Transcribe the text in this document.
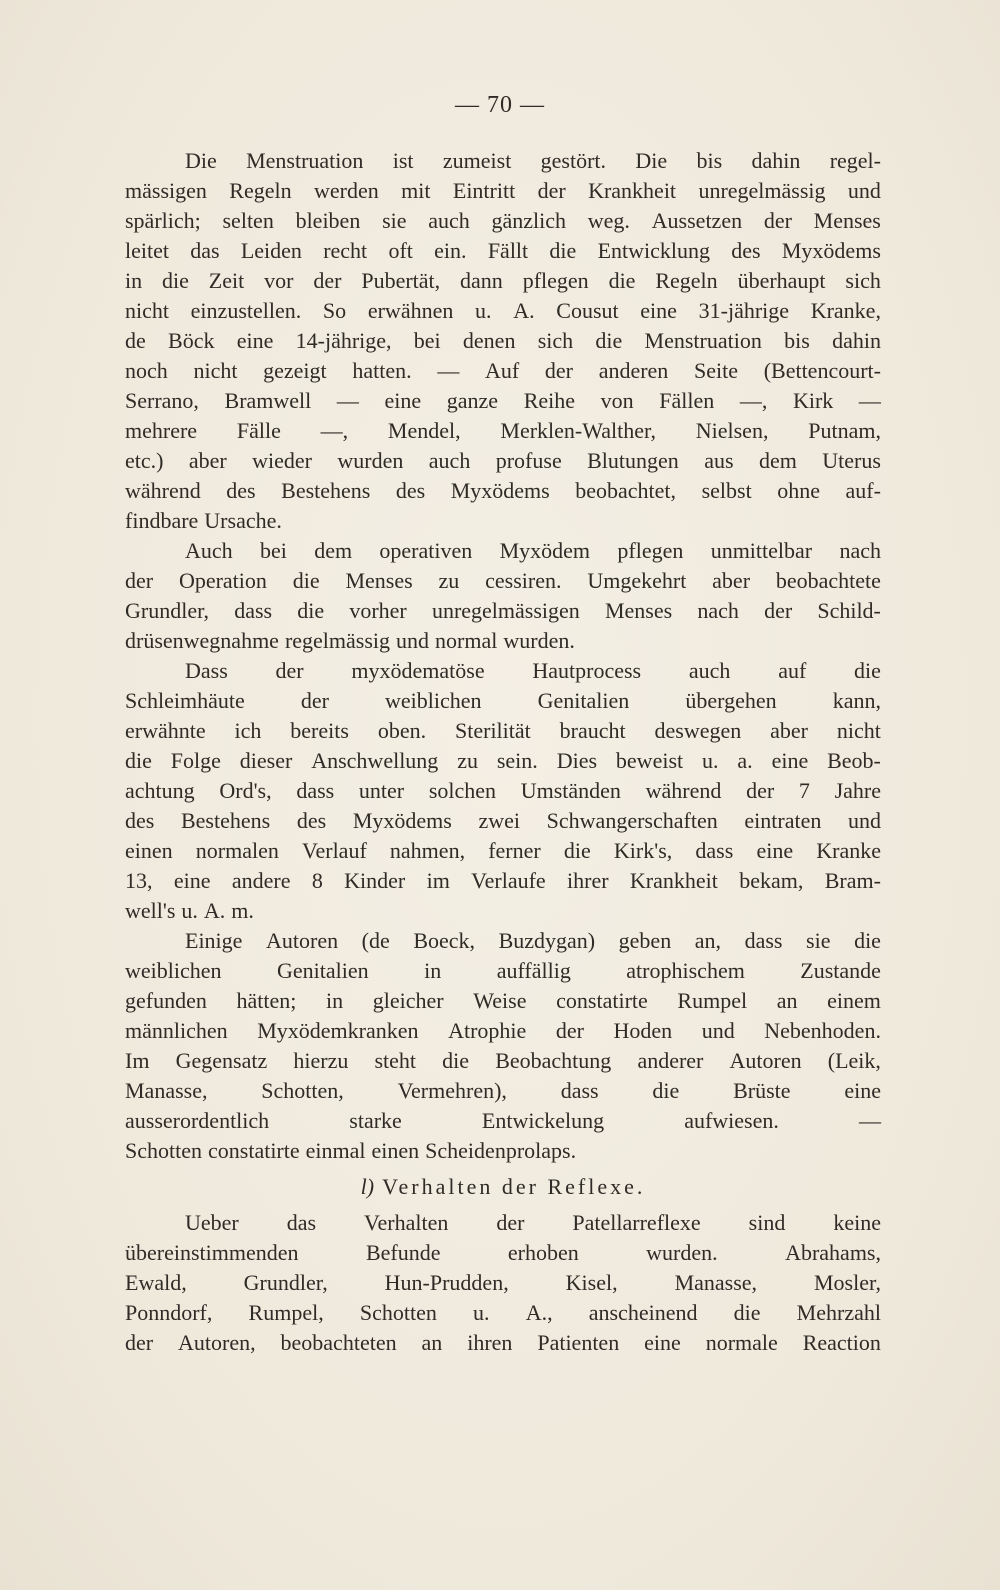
— 70 —
Die Menstruation ist zumeist gestört. Die bis dahin regel-
mässigen Regeln werden mit Eintritt der Krankheit unregelmässig und
spärlich; selten bleiben sie auch gänzlich weg. Aussetzen der Menses
leitet das Leiden recht oft ein. Fällt die Entwicklung des Myxödems
in die Zeit vor der Pubertät, dann pflegen die Regeln überhaupt sich
nicht einzustellen. So erwähnen u. A. Cousut eine 31-jährige Kranke,
de Böck eine 14-jährige, bei denen sich die Menstruation bis dahin
noch nicht gezeigt hatten. — Auf der anderen Seite (Bettencourt-
Serrano, Bramwell — eine ganze Reihe von Fällen —, Kirk —
mehrere Fälle —, Mendel, Merklen-Walther, Nielsen, Putnam,
etc.) aber wieder wurden auch profuse Blutungen aus dem Uterus
während des Bestehens des Myxödems beobachtet, selbst ohne auf-
findbare Ursache.
Auch bei dem operativen Myxödem pflegen unmittelbar nach
der Operation die Menses zu cessiren. Umgekehrt aber beobachtete
Grundler, dass die vorher unregelmässigen Menses nach der Schild-
drüsenwegnahme regelmässig und normal wurden.
Dass der myxödematöse Hautprocess auch auf die
Schleimhäute	der	weiblichen	Genitalien	übergehen	kann,
erwähnte ich bereits oben. Sterilität braucht deswegen aber nicht
die Folge dieser Anschwellung zu sein. Dies beweist u. a. eine Beob-
achtung Ord's, dass unter solchen Umständen während der 7 Jahre
des Bestehens des Myxödems zwei Schwangerschaften eintraten und
einen normalen Verlauf nahmen, ferner die Kirk's, dass eine Kranke
13, eine andere 8 Kinder im Verlaufe ihrer Krankheit bekam, Bram-
well's u. A. m.
Einige Autoren (de Boeck, Buzdygan) geben an, dass sie die
weiblichen	Genitalien	in	auffällig	atrophischem	Zustande
gefunden hätten; in gleicher Weise constatirte Rumpel an einem
männlichen Myxödemkranken Atrophie der Hoden und Nebenhoden.
Im Gegensatz hierzu steht die Beobachtung anderer Autoren (Leik,
Manasse, Schotten, Vermehren), dass die Brüste eine
ausserordentlich	starke	Entwickelung	aufwiesen.	—
Schotten constatirte einmal einen Scheidenprolaps.
l) Verhalten der Reflexe.
Ueber das Verhalten der Patellarreflexe sind keine
übereinstimmenden	Befunde	erhoben	wurden.	Abrahams,
Ewald,	Grundler,	Hun-Prudden,	Kisel,	Manasse,	Mosler,
Ponndorf, Rumpel, Schotten u. A., anscheinend die Mehrzahl
der Autoren, beobachteten an ihren Patienten eine normale Reaction
